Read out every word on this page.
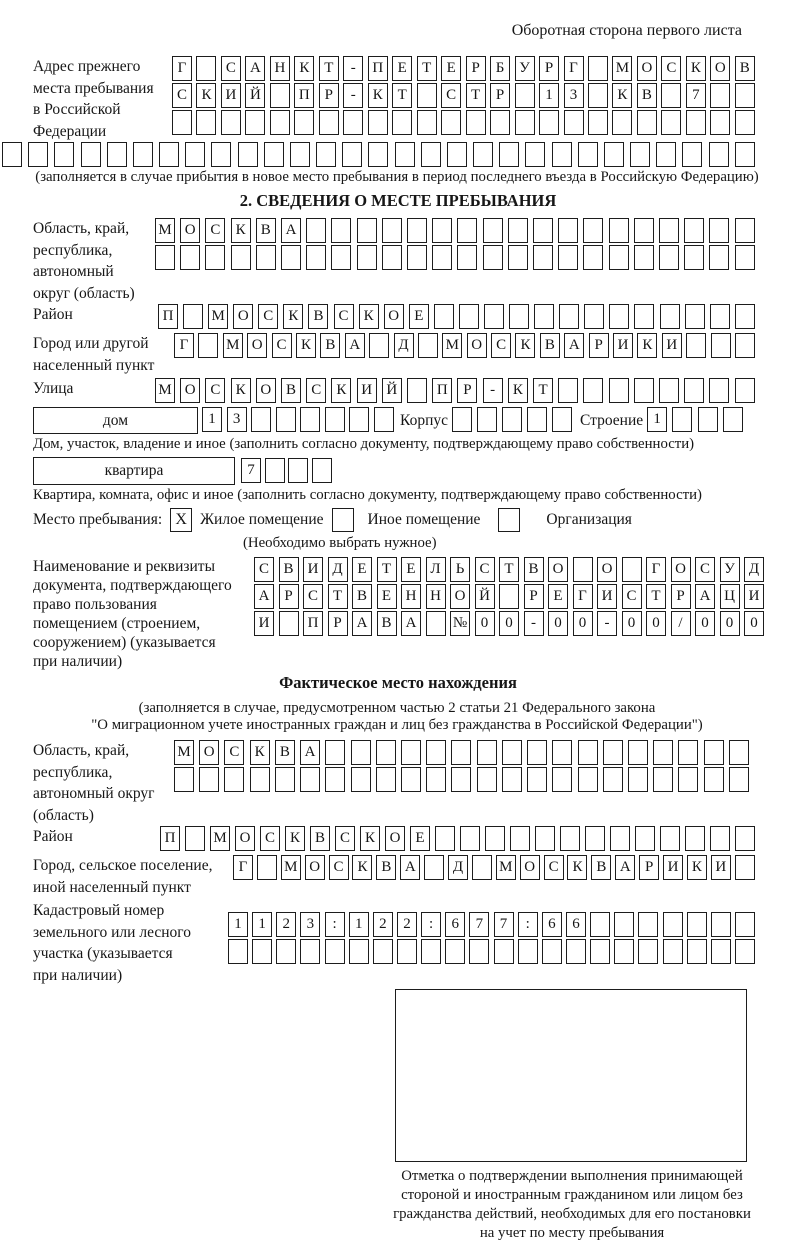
Оборотная сторона первого листа
Адрес прежнего
места пребывания
в Российской
Федерации
Г	С А Н К Т	-	П Е	Т	Е	Р	Б У Р	Г	М О С К О В
С К И Й	П Р	-	К Т	С Т	Р	1	3	К В	7
(заполняется в случае прибытия в новое место пребывания в период последнего въезда в Российскую Федерацию)
2. СВЕДЕНИЯ О МЕСТЕ ПРЕБЫВАНИЯ
Область, край,
республика,
автономный
округ (область)
М О С	К	В А
Район	П	М О С	К	В	С	К О	Е
Город или другой
населенный пункт
Г	М О С К В А	Д	М О С К В А Р И К И
Улица	М О С	К О В	С	К И Й	П	Р	-	К	Т
дом	1	3	Корпус	Строение 1
Дом, участок, владение и иное (заполнить согласно документу, подтверждающему право собственности)
квартира	7
Квартира, комната, офис и иное (заполнить согласно документу, подтверждающему право собственности)
Место пребывания: X Жилое помещение	Иное помещение	Организация
(Необходимо выбрать нужное)
Наименование и реквизиты
документа, подтверждающего
право пользования
помещением (строением,
сооружением) (указывается
при наличии)
С В И Д Е	Т	Е Л	Ь	С Т В О	О	Г О С У Д
А Р	С Т В Е Н Н О Й	Р	Е	Г И С Т	Р А Ц И
И	П Р А В А	№ 0	0	-	0	0	-	0	0	/	0	0	0
Фактическое место нахождения
(заполняется в случае, предусмотренном частью 2 статьи 21 Федерального закона
"О миграционном учете иностранных граждан и лиц без гражданства в Российской Федерации")
Область, край,
республика,
автономный округ
(область)
М О С	К	В А
Район	П	М О С К В С К О Е
Город, сельское поселение,
иной населенный пункт
Г	М О С К В А	Д	М О С К В А Р И К И
Кадастровый номер
земельного или лесного
участка (указывается
при наличии)
1	1	2	3	:	1	2	2	:	6	7	7	:	6	6
Отметка о подтверждении выполнения принимающей
стороной и иностранным гражданином или лицом без
гражданства действий, необходимых для его постановки
на учет по месту пребывания
